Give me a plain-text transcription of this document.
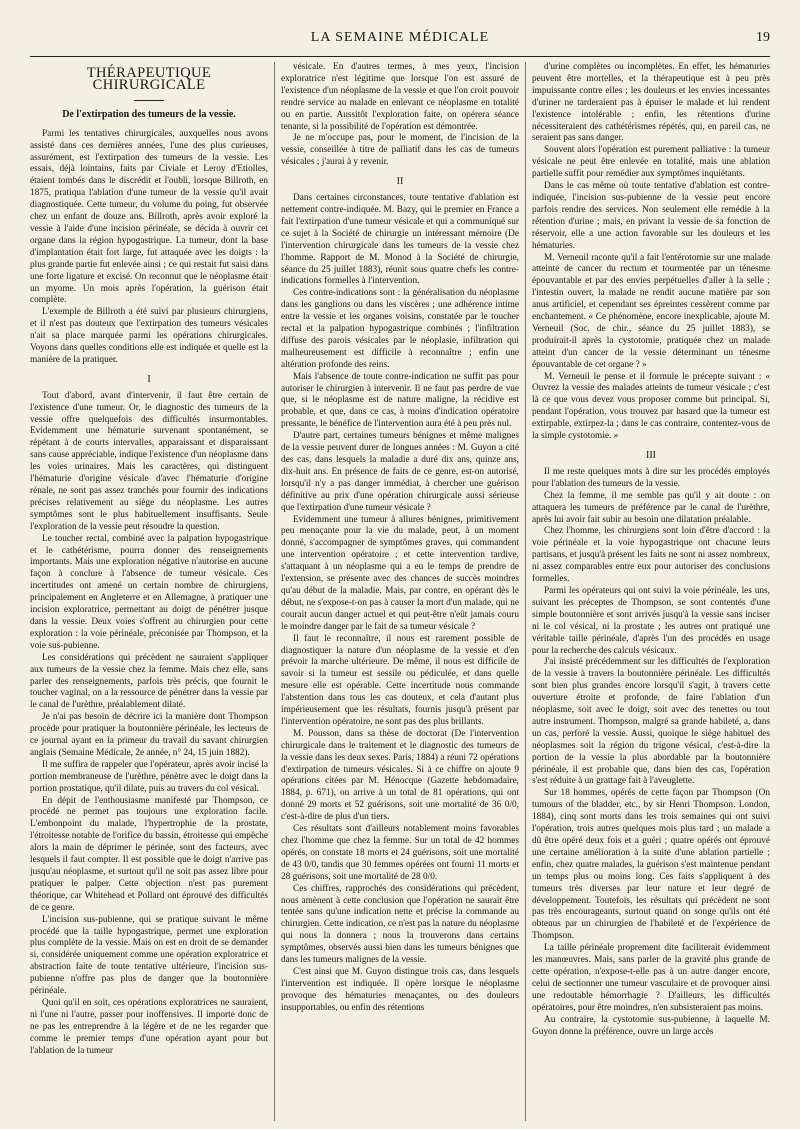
LA SEMAINE MÉDICALE	19
THÉRAPEUTIQUE CHIRURGICALE
De l'extirpation des tumeurs de la vessie.

Parmi les tentatives chirurgicales, auxquelles nous avons assisté dans ces dernières années, l'une des plus curieuses, assurément, est l'extirpation des tumeurs de la vessie. Les essais, déjà lointains, faits par Civiale et Leroy d'Etiolles, étaient tombés dans le discrédit et l'oubli, lorsque Billroth, en 1875, pratiqua l'ablation d'une tumeur de la vessie qu'il avait diagnostiquée. Cette tumeur, du volume du poing, fut observée chez un enfant de douze ans. Billroth, après avoir exploré la vessie à l'aide d'une incision périnéale, se décida à ouvrir cet organe dans la région hypogastrique. La tumeur, dont la base d'implantation était fort large, fut attaquée avec les doigts : la plus grande partie fut enlevée ainsi ; ce qui restait fut saisi dans une forte ligature et excisé. On reconnut que le néoplasme était un myome. Un mois après l'opération, la guérison était complète.

L'exemple de Billroth a été suivi par plusieurs chirurgiens, et il n'est pas douteux que l'extirpation des tumeurs vésicales n'ait sa place marquée parmi les opérations chirurgicales. Voyons dans quelles conditions elle est indiquée et quelle est la manière de la pratiquer.

I

Tout d'abord, avant d'intervenir, il faut être certain de l'existence d'une tumeur. Or, le diagnostic des tumeurs de la vessie offre quelquefois des difficultés insurmontables. Evidemment une hématurie survenant spontanément, se répétant à de courts intervalles, apparaissant et disparaissant sans cause appréciable, indique l'existence d'un néoplasme dans les voies urinaires. Mais les caractères, qui distinguent l'hématurie d'origine vésicale d'avec l'hématurie d'origine rénale, ne sont pas assez tranchés pour fournir des indications précises relativement au siège du néoplasme. Les autres symptômes sont le plus habituellement insuffisants. Seule l'exploration de la vessie peut résoudre la question.

Le toucher rectal, combiné avec la palpation hypogastrique et le cathétérisme, pourra donner des renseignements importants. Mais une exploration négative n'autorise en aucune façon à conclure à l'absence de tumeur vésicale. Ces incertitudes ont amené un certain nombre de chirurgiens, principalement en Angleterre et en Allemagne, à pratiquer une incision exploratrice, permettant au doigt de pénétrer jusque dans la vessie. Deux voies s'offrent au chirurgien pour cette exploration : la voie périnéale, préconisée par Thompson, et la voie sus-pubienne.

Les considérations qui précèdent ne sauraient s'appliquer aux tumeurs de la vessie chez la femme. Mais chez elle, sans parler des renseignements, parfois très précis, que fournit le toucher vaginal, on a la ressource de pénétrer dans la vessie par le canal de l'urèthre, préalablement dilaté.

Je n'ai pas besoin de décrire ici la manière dont Thompson procède pour pratiquer la boutonnière périnéale, les lecteurs de ce journal ayant en la primeur du travail du savant chirurgien anglais (Semaine Médicale, 2e année, n° 24, 15 juin 1882).

Il me suffira de rappeler que l'opérateur, après avoir incisé la portion membraneuse de l'urèthre, pénètre avec le doigt dans la portion prostatique, qu'il dilate, puis au travers du col vésical.

En dépit de l'enthousiasme manifesté par Thompson, ce procédé ne permet pas toujours une exploration facile. L'embonpoint du malade, l'hypertrophie de la prostate, l'étroitesse notable de l'orifice du bassin, étroitesse qui empêche alors la main de déprimer le périnée, sont des facteurs, avec lesquels il faut compter. Il est possible que le doigt n'arrive pas jusqu'au néoplasme, et surtout qu'il ne soit pas assez libre pour pratiquer le palper. Cette objection n'est pas purement théorique, car Whitehead et Pollard ont éprouvé des difficultés de ce genre.

L'incision sus-pubienne, qui se pratique suivant le même procédé que la taille hypogastrique, permet une exploration plus complète de la vessie. Mais on est en droit de se demander si, considérée uniquement comme une opération exploratrice et abstraction faite de toute tentative ultérieure, l'incision sus-pubienne n'offre pas plus de danger que la boutonnière périnéale.

Quoi qu'il en soit, ces opérations exploratrices ne sauraient, ni l'une ni l'autre, passer pour inoffensives. Il importe donc de ne pas les entreprendre à la légère et de ne les regarder que comme le premier temps d'une opération ayant pour but l'ablation de la tumeur

vésicale. En d'autres termes, à mes yeux, l'incision exploratrice n'est légitime que lorsque l'on est assuré de l'existence d'un néoplasme de la vessie et que l'on croit pouvoir rendre service au malade en enlevant ce néoplasme en totalité ou en partie. Aussitôt l'exploration faite, on opérera séance tenante, si la possibilité de l'opération est démontrée.

Je ne m'occupe pas, pour le moment, de l'incision de la vessie, conseillée à titre de palliatif dans les cas de tumeurs vésicales ; j'aurai à y revenir.

II

Dans certaines circonstances, toute tentative d'ablation est nettement contre-indiquée. M. Bazy, qui le premier en France a fait l'extirpation d'une tumeur vésicale et qui a communiqué sur ce sujet à la Société de chirurgie un intéressant mémoire (De l'intervention chirurgicale dans les tumeurs de la vessie chez l'homme. Rapport de M. Monod à la Société de chirurgie, séance du 25 juillet 1883), réunit sous quatre chefs les contre-indications formelles à l'intervention.

Ces contre-indications sont : la généralisation du néoplasme dans les ganglions ou dans les viscères ; une adhérence intime entre la vessie et les organes voisins, constatée par le toucher rectal et la palpation hypogastrique combinés ; l'infiltration diffuse des parois vésicales par le néoplasie, infiltration qui malheureusement est difficile à reconnaître ; enfin une altération profonde des reins.

Mais l'absence de toute contre-indication ne suffit pas pour autoriser le chirurgien à intervenir. Il ne faut pas perdre de vue que, si le néoplasme est de nature maligne, la récidive est probable, et que, dans ce cas, à moins d'indication opératoire pressante, le bénéfice de l'intervention aura été à peu près nul.

D'autre part, certaines tumeurs bénignes et même malignes de la vessie peuvent durer de longues années : M. Guyon a cité des cas, dans lesquels la maladie a duré dix ans, quinze ans, dix-huit ans. En présence de faits de ce genre, est-on autorisé, lorsqu'il n'y a pas danger immédiat, à chercher une guérison définitive au prix d'une opération chirurgicale aussi sérieuse que l'extirpation d'une tumeur vésicale ?

Evidemment une tumeur à allures bénignes, primitivement peu menaçante pour la vie du malade, peut, à un moment donné, s'accompagner de symptômes graves, qui commandent une intervention opératoire ; et cette intervention tardive, s'attaquant à un néoplasme qui a eu le temps de prendre de l'extension, se présente avec des chances de succès moindres qu'au début de la maladie. Mais, par contre, en opérant dès le début, ne s'expose-t-on pas à causer la mort d'un malade, qui ne courait aucun danger actuel et qui peut-être n'eût jamais couru le moindre danger par le fait de sa tumeur vésicale ?

Il faut le reconnaître, il nous est rarement possible de diagnostiquer la nature d'un néoplasme de la vessie et d'en prévoir la marche ultérieure. De même, il nous est difficile de savoir si la tumeur est sessile ou pédiculée, et dans quelle mesure elle est opérable. Cette incertitude nous commande l'abstention dans tous les cas douteux, et cela d'autant plus impérieusement que les résultats, fournis jusqu'à présent par l'intervention opératoire, ne sont pas des plus brillants.

M. Pousson, dans sa thèse de doctorat (De l'intervention chirurgicale dans le traitement et le diagnostic des tumeurs de la vessie dans les deux sexes. Paris, 1884) a réuni 72 opérations d'extirpation de tumeurs vésicales. Si à ce chiffre on ajoute 9 opérations citées par M. Hénocque (Gazette hebdomadaire, 1884, p. 671), on arrive à un total de 81 opérations, qui ont donné 29 morts et 52 guérisons, soit une mortalité de 36 0/0, c'est-à-dire de plus d'un tiers.

Ces résultats sont d'ailleurs notablement moins favorables chez l'homme que chez la femme. Sur un total de 42 hommes opérés, on constate 18 morts et 24 guérisons, soit une mortalité de 43 0/0, tandis que 30 femmes opérées ont fourni 11 morts et 28 guérisons, soit une mortalité de 28 0/0.

Ces chiffres, rapprochés des considérations qui précèdent, nous amènent à cette conclusion que l'opération ne saurait être tentée sans qu'une indication nette et précise la commande au chirurgien. Cette indication, ce n'est pas la nature du néoplasme qui nous la donnera ; nous la trouverons dans certains symptômes, observés aussi bien dans les tumeurs bénignes que dans les tumeurs malignes de la vessie.

C'est ainsi que M. Guyon distingue trois cas, dans lesquels l'intervention est indiquée. Il opère lorsque le néoplasme provoque des hématuries menaçantes, ou des douleurs insupportables, ou enfin des rétentions

d'urine complètes ou incomplètes. En effet, les hématuries peuvent être mortelles, et la thérapeutique est à peu près impuissante contre elles ; les douleurs et les envies incessantes d'uriner ne tarderaient pas à épuiser le malade et lui rendent l'existence intolérable ; enfin, les rétentions d'urine nécessiteraient des cathétérismes répétés, qui, en pareil cas, ne seraient pas sans danger.

Souvent alors l'opération est purement palliative : la tumeur vésicale ne peut être enlevée en totalité, mais une ablation partielle suffit pour remédier aux symptômes inquiétants.

Dans le cas même où toute tentative d'ablation est contre-indiquée, l'incision sus-pubienne de la vessie peut encore parfois rendre des services. Non seulement elle remédie à la rétention d'urine ; mais, en privant la vessie de sa fonction de réservoir, elle a une action favorable sur les douleurs et les hématuries.

M. Verneuil raconte qu'il a fait l'entérotomie sur une malade atteinte de cancer du rectum et tourmentée par un ténesme épouvantable et par des envies perpétuelles d'aller à la selle ; l'intestin ouvert, la malade ne rendit aucune matière par son anus artificiel, et cependant ses épreintes cessèrent comme par enchantement. « Ce phénomène, encore inexplicable, ajoute M. Verneuil (Soc. de chir., séance du 25 juillet 1883), se produirait-il après la cystotomie, pratiquée chez un malade atteint d'un cancer de la vessie déterminant un ténesme épouvantable de cet organe ? »

M. Verneuil le pense et il formule le précepte suivant : « Ouvrez la vessie des malades atteints de tumeur vésicale ; c'est là ce que vous devez vous proposer comme but principal. Si, pendant l'opération, vous trouvez par hasard que la tumeur est extirpable, extirpez-la ; dans le cas contraire, contentez-vous de la simple cystotomie. »

III

Il me reste quelques mots à dire sur les procédés employés pour l'ablation des tumeurs de la vessie.

Chez la femme, il me semble pas qu'il y ait doute : on attaquera les tumeurs de préférence par le canal de l'urèthre, après lui avoir fait subir au besoin une dilatation préalable.

Chez l'homme, les chirurgiens sont loin d'être d'accord : la voie périnéale et la voie hypogastrique ont chacune leurs partisans, et jusqu'à présent les faits ne sont ni assez nombreux, ni assez comparables entre eux pour autoriser des conclusions formelles.

Parmi les opérateurs qui ont suivi la voie périnéale, les uns, suivant les préceptes de Thompson, se sont contentés d'une simple boutonnière et sont arrivés jusqu'à la vessie sans inciser ni le col vésical, ni la prostate ; les autres ont pratiqué une véritable taille périnéale, d'après l'un des procédés en usage pour la recherche des calculs vésicaux.

J'ai insisté précédemment sur les difficultés de l'exploration de la vessie à travers la boutonnière périnéale. Les difficultés sont bien plus grandes encore lorsqu'il s'agit, à travers cette ouverture étroite et profonde, de faire l'ablation d'un néoplasme, soit avec le doigt, soit avec des tenettes ou tout autre instrument. Thompson, malgré sa grande habileté, a, dans un cas, perforé la vessie. Aussi, quoique le siège habituel des néoplasmes soit la région du trigone vésical, c'est-à-dire la portion de la vessie la plus abordable par la boutonnière périnéale, il est probable que, dans bien des cas, l'opération s'est réduite à un grattage fait à l'aveuglette.

Sur 18 hommes, opérés de cette façon par Thompson (On tumours of the bladder, etc., by sir Henri Thompson. London, 1884), cinq sont morts dans les trois semaines qui ont suivi l'opération, trois autres quelques mois plus tard ; un malade a dû être opéré deux fois et a guéri ; quatre opérés ont éprouvé une certaine amélioration à la suite d'une ablation partielle ; enfin, chez quatre malades, la guérison s'est maintenue pendant un temps plus ou moins long. Ces faits s'appliquent à des tumeurs très diverses par leur nature et leur degré de développement. Toutefois, les résultats qui précèdent ne sont pas très encourageants, surtout quand on songe qu'ils ont été obtenus par un chirurgien de l'habileté et de l'expérience de Thompson.

La taille périnéale proprement dite faciliterait évidemment les manœuvres. Mais, sans parler de la gravité plus grande de cette opération, n'expose-t-elle pas à un autre danger encore, celui de sectionner une tumeur vasculaire et de provoquer ainsi une redoutable hémorrhagie ? D'ailleurs, les difficultés opératoires, pour être moindres, n'en subsisteraient pas moins.

Au contraire, la cystotomie sus-pubienne, à laquelle M. Guyon donne la préférence, ouvre un large accès
